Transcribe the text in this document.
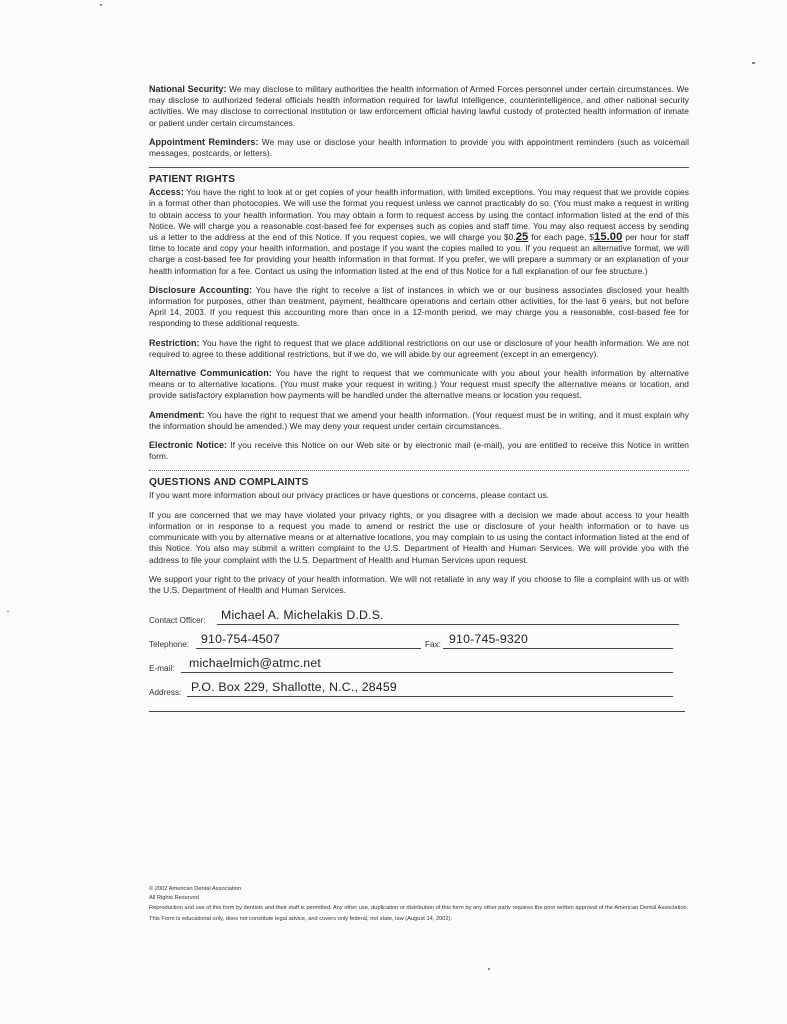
National Security: We may disclose to military authorities the health information of Armed Forces personnel under certain circumstances. We may disclose to authorized federal officials health information required for lawful intelligence, counterintelligence, and other national security activities. We may disclose to correctional institution or law enforcement official having lawful custody of protected health information of inmate or patient under certain circumstances.

Appointment Reminders: We may use or disclose your health information to provide you with appointment reminders (such as voicemail messages, postcards, or letters).

PATIENT RIGHTS

Access: You have the right to look at or get copies of your health information, with limited exceptions. You may request that we provide copies in a format other than photocopies. We will use the format you request unless we cannot practicably do so. (You must make a request in writing to obtain access to your health information. You may obtain a form to request access by using the contact information listed at the end of this Notice. We will charge you a reasonable cost-based fee for expenses such as copies and staff time. You may also request access by sending us a letter to the address at the end of this Notice. If you request copies, we will charge you $0.25 for each page, $15.00 per hour for staff time to locate and copy your health information, and postage if you want the copies mailed to you. If you request an alternative format, we will charge a cost-based fee for providing your health information in that format. If you prefer, we will prepare a summary or an explanation of your health information for a fee. Contact us using the information listed at the end of this Notice for a full explanation of our fee structure.)

Disclosure Accounting: You have the right to receive a list of instances in which we or our business associates disclosed your health information for purposes, other than treatment, payment, healthcare operations and certain other activities, for the last 6 years, but not before April 14, 2003. If you request this accounting more than once in a 12-month period, we may charge you a reasonable, cost-based fee for responding to these additional requests.

Restriction: You have the right to request that we place additional restrictions on our use or disclosure of your health information. We are not required to agree to these additional restrictions, but if we do, we will abide by our agreement (except in an emergency).

Alternative Communication: You have the right to request that we communicate with you about your health information by alternative means or to alternative locations. (You must make your request in writing.) Your request must specify the alternative means or location, and provide satisfactory explanation how payments will be handled under the alternative means or location you request.

Amendment: You have the right to request that we amend your health information. (Your request must be in writing, and it must explain why the information should be amended.) We may deny your request under certain circumstances.

Electronic Notice: If you receive this Notice on our Web site or by electronic mail (e-mail), you are entitled to receive this Notice in written form.

QUESTIONS AND COMPLAINTS

If you want more information about our privacy practices or have questions or concerns, please contact us.

If you are concerned that we may have violated your privacy rights, or you disagree with a decision we made about access to your health information or in response to a request you made to amend or restrict the use or disclosure of your health information or to have us communicate with you by alternative means or at alternative locations, you may complain to us using the contact information listed at the end of this Notice. You also may submit a written complaint to the U.S. Department of Health and Human Services. We will provide you with the address to file your complaint with the U.S. Department of Health and Human Services upon request.

We support your right to the privacy of your health information. We will not retaliate in any way if you choose to file a complaint with us or with the U.S. Department of Health and Human Services.

Contact Officer: Michael A. Michelakis D.D.S.
Telephone: 910-754-4507	Fax: 910-745-9320
E-mail: michaelmich@atmc.net
Address: P.O. Box 229, Shallotte, N.C., 28459

© 2002 American Dental Association

All Rights Reserved

Reproduction and use of this form by dentists and their staff is permitted. Any other use, duplication or distribution of this form by any other party requires the prior written approval of the American Dental Association.

This Form is educational only, does not constitute legal advice, and covers only federal, not state, law (August 14, 2002).
